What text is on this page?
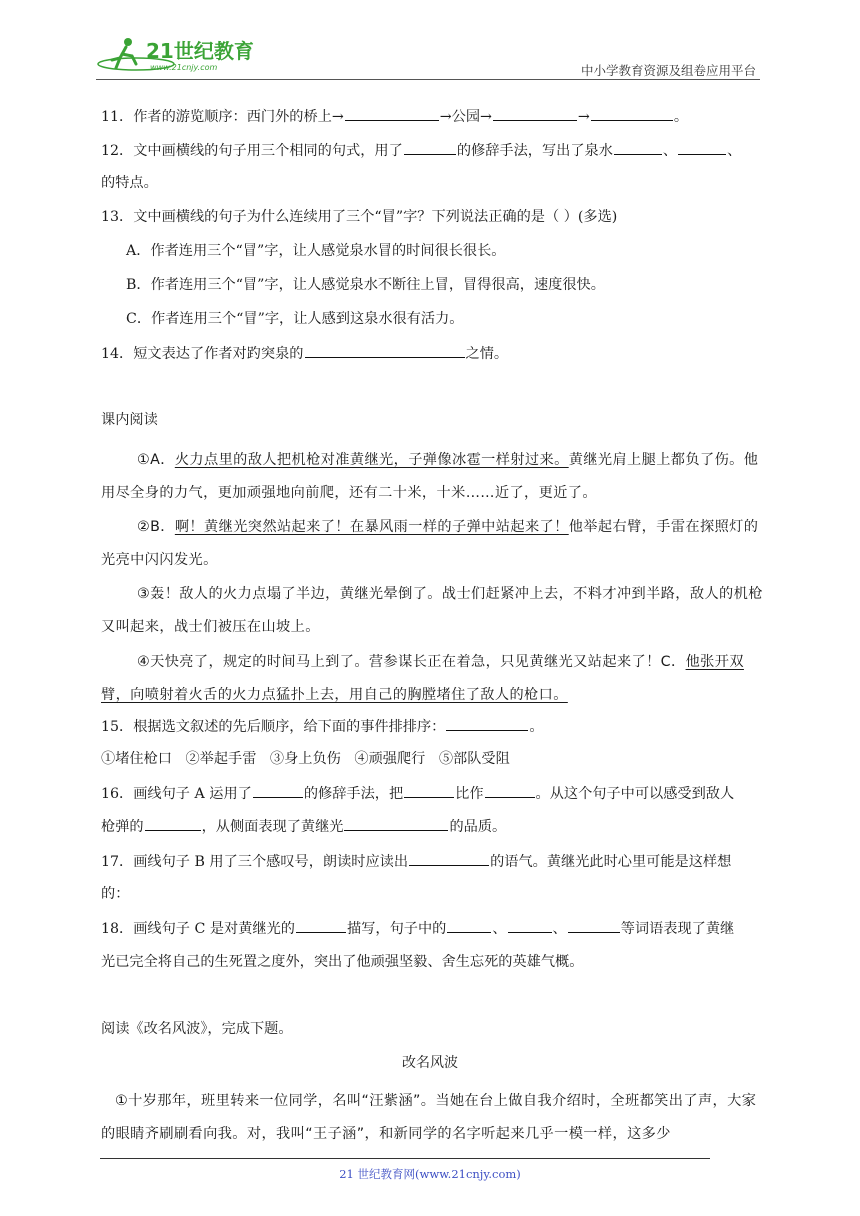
21世纪教育
www.21cnjy.com	中小学教育资源及组卷应用平台
11．作者的游览顺序：西门外的桥上→	→公园→	→	。
12．文中画横线的句子用三个相同的句式，用了	的修辞手法，写出了泉水	、	、
的特点。
13．文中画横线的句子为什么连续用了三个“冒”字？下列说法正确的是（ ）(多选)
A．作者连用三个“冒”字，让人感觉泉水冒的时间很长很长。
B．作者连用三个“冒”字，让人感觉泉水不断往上冒，冒得很高，速度很快。
C．作者连用三个“冒”字，让人感到这泉水很有活力。
14．短文表达了作者对趵突泉的	之情。
课内阅读
①A．火力点里的敌人把机枪对准黄继光，子弹像冰雹一样射过来。黄继光肩上腿上都负了伤。他用尽全身的力气，更加顽强地向前爬，还有二十米，十米……近了，更近了。
②B．啊！黄继光突然站起来了！在暴风雨一样的子弹中站起来了！他举起右臂，手雷在探照灯的光亮中闪闪发光。
③轰！敌人的火力点塌了半边，黄继光晕倒了。战士们赶紧冲上去，不料才冲到半路，敌人的机枪又叫起来，战士们被压在山坡上。
④天快亮了，规定的时间马上到了。营参谋长正在着急，只见黄继光又站起来了！C．他张开双臂，向喷射着火舌的火力点猛扑上去，用自己的胸膛堵住了敌人的枪口。
15．根据选文叙述的先后顺序，给下面的事件排排序：	。
①堵住枪口   ②举起手雷   ③身上负伤   ④顽强爬行   ⑤部队受阻
16．画线句子 A 运用了	的修辞手法，把	比作	。从这个句子中可以感受到敌人
枪弹的	，从侧面表现了黄继光	的品质。
17．画线句子 B 用了三个感叹号，朗读时应读出	的语气。黄继光此时心里可能是这样想
的：
18．画线句子 C 是对黄继光的	描写，句子中的	、	、	等词语表现了黄继
光已完全将自己的生死置之度外，突出了他顽强坚毅、舍生忘死的英雄气概。
阅读《改名风波》，完成下题。
改名风波
①十岁那年，班里转来一位同学，名叫“汪紫涵”。当她在台上做自我介绍时，全班都笑出了声，大家的眼睛齐刷刷看向我。对，我叫“王子涵”，和新同学的名字听起来几乎一模一样，这多少
21 世纪教育网(www.21cnjy.com)
